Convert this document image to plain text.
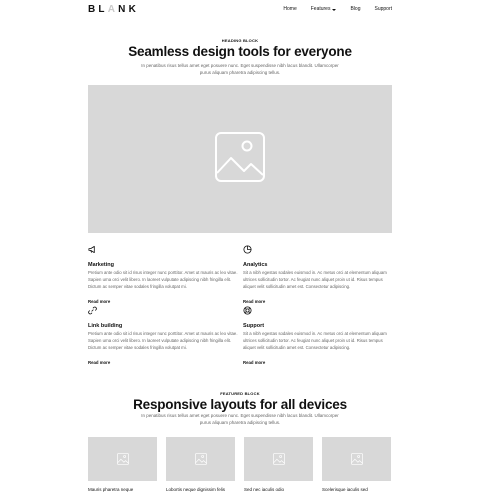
BLANK	Home	Features	Blog	Support
HEADING BLOCK
Seamless design tools for everyone
In penatibus risus tellus amet eget posuere nunc. Eget suspendisse nibh lacus blandit. Ullamcorper purus aliquam pharetra adipiscing tellus.
Marketing
Pretium ante odio sit id risus integer nunc porttitor. Amet ut mauris ac leo vitae. Sapien urna orci velit libero. In laoreet vulputate adipiscing nibh fringilla elit. Dictum ac semper vitae sodales fringilla volutpat mi.
Read more
Analytics
Sit a nibh egestas sodales euismod in. Ac metus orci at elementum aliquam ultrices sollicitudin tortor. Ac feugiat nunc aliquet proin ut id. Risus tempus aliquet velit sollicitudin amet est. Consectetur adipiscing.
Read more
Link building
Pretium ante odio sit id risus integer nunc porttitor. Amet ut mauris ac leo vitae. Sapien urna orci velit libero. In laoreet vulputate adipiscing nibh fringilla elit. Dictum ac semper vitae sodales fringilla volutpat mi.
Read more
Support
Sit a nibh egestas sodales euismod in. Ac metus orci at elementum aliquam ultrices sollicitudin tortor. Ac feugiat nunc aliquet proin ut id. Risus tempus aliquet velit sollicitudin amet est. Consectetur adipiscing.
Read more
FEATURED BLOCK
Responsive layouts for all devices
In penatibus risus tellus amet eget posuere nunc. Eget suspendisse nibh lacus blandit. Ullamcorper purus aliquam pharetra adipiscing tellus.
Mauris pharetra neque	Lobortis neque dignissim felis	Sed nec iaculis odio	Scelerisque iaculis sed
